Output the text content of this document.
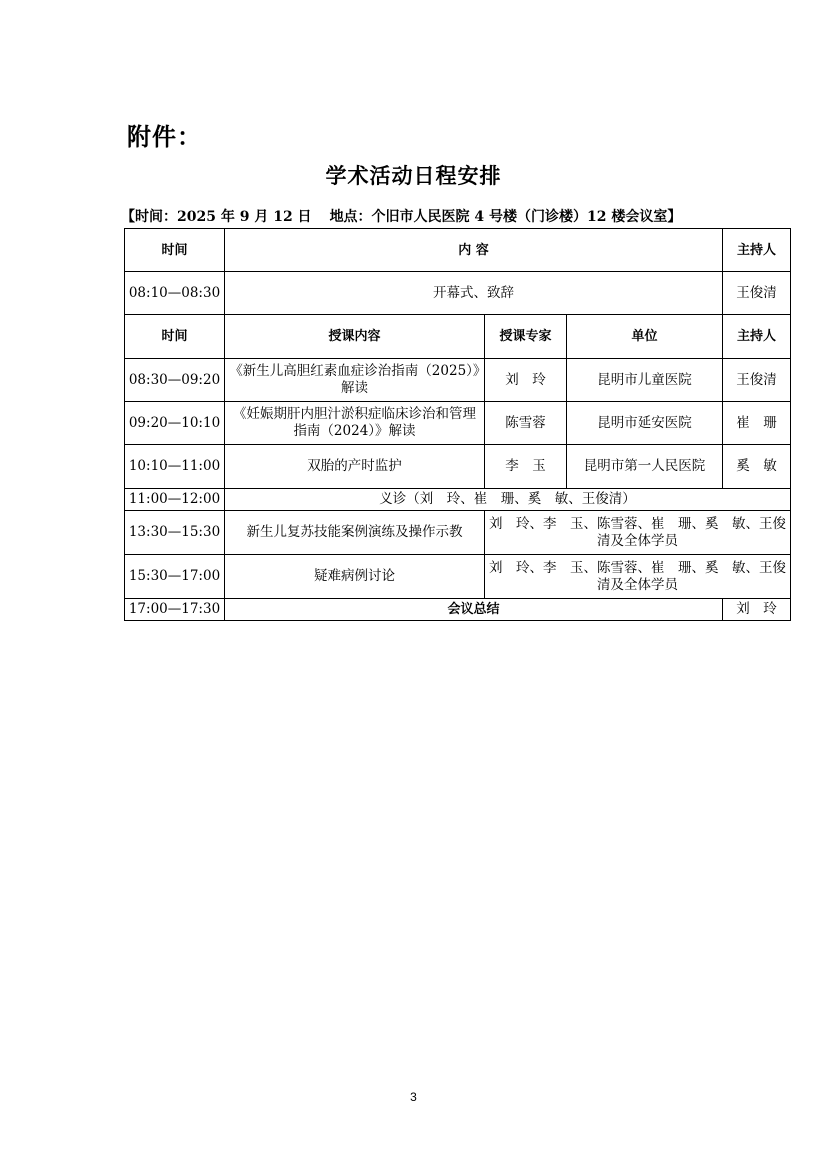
附件：
学术活动日程安排
【时间：2025 年 9 月 12 日 地点：个旧市人民医院 4 号楼（门诊楼）12 楼会议室】
时间	内 容			主持人
08:10—08:30	开幕式、致辞			王俊清
时间	授课内容	授课专家	单位	主持人
08:30—09:20	《新生儿高胆红素血症诊治指南（2025）》解读	刘　玲	昆明市儿童医院	王俊清
09:20—10:10	《妊娠期肝内胆汁淤积症临床诊治和管理指南（2024）》解读	陈雪蓉	昆明市延安医院	崔　珊
10:10—11:00	双胎的产时监护	李　玉	昆明市第一人民医院	奚　敏
11:00—12:00	义诊（刘　玲、崔　珊、奚　敏、王俊清）			
13:30—15:30	新生儿复苏技能案例演练及操作示教	刘　玲、李　玉、陈雪蓉、崔　珊、奚　敏、王俊清及全体学员		
15:30—17:00	疑难病例讨论	刘　玲、李　玉、陈雪蓉、崔　珊、奚　敏、王俊清及全体学员		
17:00—17:30	会议总结			刘　玲
3
